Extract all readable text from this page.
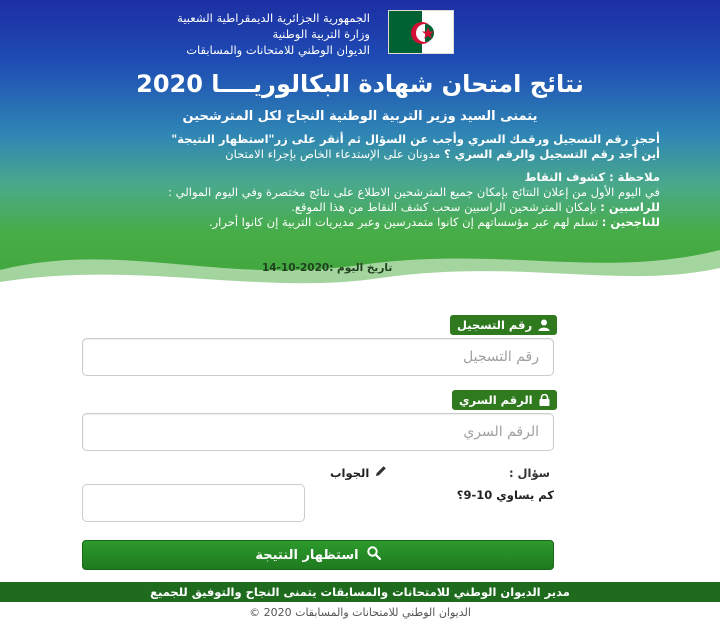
الجمهورية الجزائرية الديمقراطية الشعبية
وزارة التربية الوطنية
الديوان الوطني للامتحانات والمسابقات
نتائج امتحان شهادة البكالوريــــا 2020
يتمنى السيد وزير التربية الوطنية النجاح لكل المترشحين
أحجز رقم التسجيل ورقمك السري وأجب عن السؤال ثم أنقر على زر"استظهار النتيجة"
أين أجد رقم التسجيل والرقم السري ؟ مدونان على الإستدعاء الخاص بإجراء الامتحان
ملاحظة : كشوف النقاط
في اليوم الأول من إعلان النتائج بإمكان جميع المترشحين الاطلاع على نتائج مختصرة وفي اليوم الموالي :
للراسبين : بإمكان المترشحين الراسبين سحب كشف النقاط من هذا الموقع.
للناجحين : تسلم لهم عبر مؤسساتهم إن كانوا متمدرسين وعبر مديريات التربية إن كانوا أحرار.
تاريخ اليوم :2020-10-14
رقم التسجيل
رقم التسجيل
الرقم السري
الرقم السري
سؤال :
كم يساوي 10-9؟
الجواب
استظهار النتيجة
مدير الديوان الوطني للامتحانات والمسابقات يتمنى النجاح والتوفيق للجميع
الديوان الوطني للامتحانات والمسابقات 2020 ©
